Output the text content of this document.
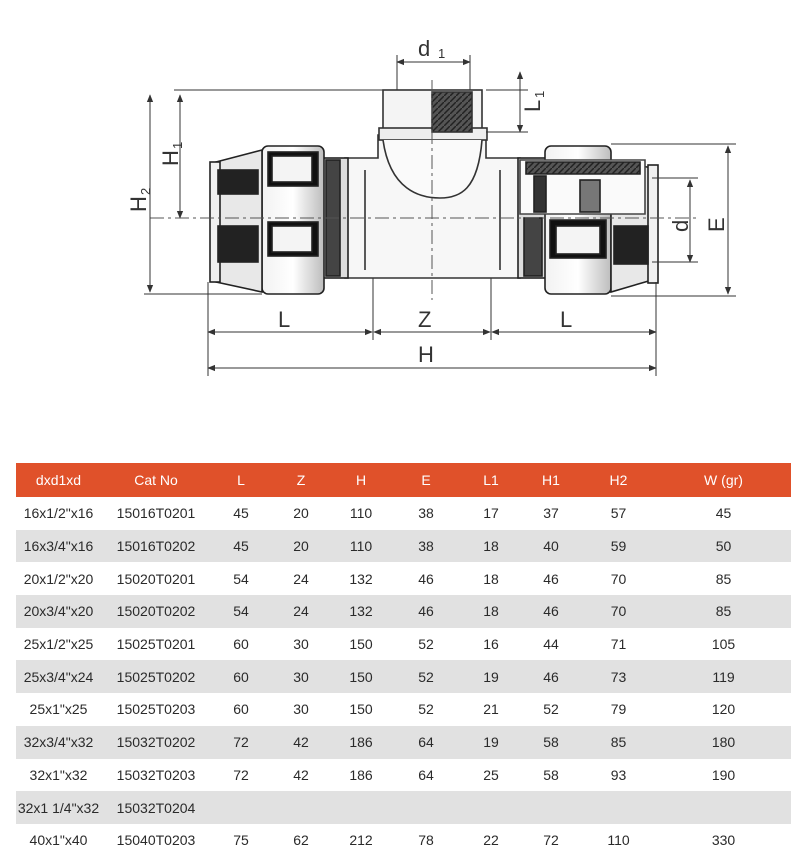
d 1
L
1
H
1
H
2
d E
L	Z	L
H
dxd1xd	Cat No	L	Z	H	E	L1	H1	H2	W (gr)
16x1/2"x16	15016T0201	45	20	110	38	17	37	57	45
16x3/4"x16	15016T0202	45	20	110	38	18	40	59	50
20x1/2"x20	15020T0201	54	24	132	46	18	46	70	85
20x3/4"x20	15020T0202	54	24	132	46	18	46	70	85
25x1/2"x25	15025T0201	60	30	150	52	16	44	71	105
25x3/4"x24	15025T0202	60	30	150	52	19	46	73	119
25x1"x25	15025T0203	60	30	150	52	21	52	79	120
32x3/4"x32	15032T0202	72	42	186	64	19	58	85	180
32x1"x32	15032T0203	72	42	186	64	25	58	93	190
32x1 1/4"x32	15032T0204								
40x1"x40	15040T0203	75	62	212	78	22	72	110	330
